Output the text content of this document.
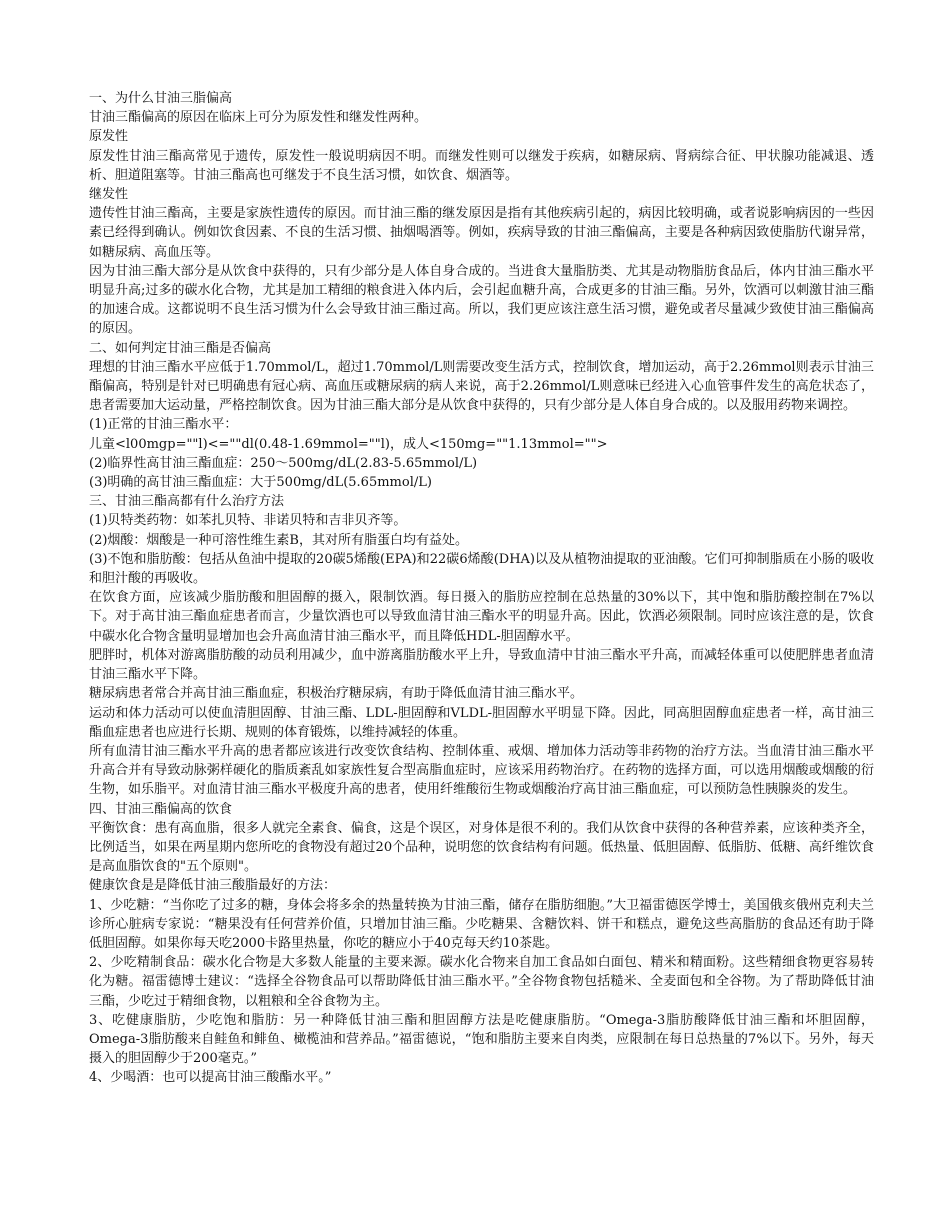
一、为什么甘油三脂偏高

甘油三酯偏高的原因在临床上可分为原发性和继发性两种。

原发性

原发性甘油三酯高常见于遗传，原发性一般说明病因不明。而继发性则可以继发于疾病，如糖尿病、肾病综合征、甲状腺功能减退、透析、胆道阻塞等。甘油三酯高也可继发于不良生活习惯，如饮食、烟酒等。

继发性

遗传性甘油三酯高，主要是家族性遗传的原因。而甘油三酯的继发原因是指有其他疾病引起的，病因比较明确，或者说影响病因的一些因素已经得到确认。例如饮食因素、不良的生活习惯、抽烟喝酒等。例如，疾病导致的甘油三酯偏高，主要是各种病因致使脂肪代谢异常，如糖尿病、高血压等。

因为甘油三酯大部分是从饮食中获得的，只有少部分是人体自身合成的。当进食大量脂肪类、尤其是动物脂肪食品后，体内甘油三酯水平明显升高;过多的碳水化合物，尤其是加工精细的粮食进入体内后，会引起血糖升高，合成更多的甘油三酯。另外，饮酒可以刺激甘油三酯的加速合成。这都说明不良生活习惯为什么会导致甘油三酯过高。所以，我们更应该注意生活习惯，避免或者尽量减少致使甘油三酯偏高的原因。

二、如何判定甘油三酯是否偏高

理想的甘油三酯水平应低于1.70mmol/L，超过1.70mmol/L则需要改变生活方式，控制饮食，增加运动，高于2.26mmol则表示甘油三酯偏高，特别是针对已明确患有冠心病、高血压或糖尿病的病人来说，高于2.26mmol/L则意味已经进入心血管事件发生的高危状态了，患者需要加大运动量，严格控制饮食。因为甘油三酯大部分是从饮食中获得的，只有少部分是人体自身合成的。以及服用药物来调控。

(1)正常的甘油三酯水平：

儿童<l00mgp=""l)<=""dl(0.48-1.69mmol=""l)，成人<150mg=""1.13mmol="">

(2)临界性高甘油三酯血症：250～500mg/dL(2.83-5.65mmol/L)

(3)明确的高甘油三酯血症：大于500mg/dL(5.65mmol/L)

三、甘油三酯高都有什么治疗方法

(1)贝特类药物：如苯扎贝特、非诺贝特和吉非贝齐等。

(2)烟酸：烟酸是一种可溶性维生素B，其对所有脂蛋白均有益处。

(3)不饱和脂肪酸：包括从鱼油中提取的20碳5烯酸(EPA)和22碳6烯酸(DHA)以及从植物油提取的亚油酸。它们可抑制脂质在小肠的吸收和胆汁酸的再吸收。

在饮食方面，应该减少脂肪酸和胆固醇的摄入，限制饮酒。每日摄入的脂肪应控制在总热量的30%以下，其中饱和脂肪酸控制在7%以下。对于高甘油三酯血症患者而言，少量饮酒也可以导致血清甘油三酯水平的明显升高。因此，饮酒必须限制。同时应该注意的是，饮食中碳水化合物含量明显增加也会升高血清甘油三酯水平，而且降低HDL-胆固醇水平。

肥胖时，机体对游离脂肪酸的动员利用减少，血中游离脂肪酸水平上升，导致血清中甘油三酯水平升高，而减轻体重可以使肥胖患者血清甘油三酯水平下降。

糖尿病患者常合并高甘油三酯血症，积极治疗糖尿病，有助于降低血清甘油三酯水平。

运动和体力活动可以使血清胆固醇、甘油三酯、LDL-胆固醇和VLDL-胆固醇水平明显下降。因此，同高胆固醇血症患者一样，高甘油三酯血症患者也应进行长期、规则的体育锻炼，以维持减轻的体重。

所有血清甘油三酯水平升高的患者都应该进行改变饮食结构、控制体重、戒烟、增加体力活动等非药物的治疗方法。当血清甘油三酯水平升高合并有导致动脉粥样硬化的脂质紊乱如家族性复合型高脂血症时，应该采用药物治疗。在药物的选择方面，可以选用烟酸或烟酸的衍生物，如乐脂平。对血清甘油三酯水平极度升高的患者，使用纤维酸衍生物或烟酸治疗高甘油三酯血症，可以预防急性胰腺炎的发生。

四、甘油三酯偏高的饮食

平衡饮食：患有高血脂，很多人就完全素食、偏食，这是个误区，对身体是很不利的。我们从饮食中获得的各种营养素，应该种类齐全，比例适当，如果在两星期内您所吃的食物没有超过20个品种，说明您的饮食结构有问题。低热量、低胆固醇、低脂肪、低糖、高纤维饮食是高血脂饮食的"五个原则"。

健康饮食是是降低甘油三酸脂最好的方法：

1、少吃糖：“当你吃了过多的糖，身体会将多余的热量转换为甘油三酯，储存在脂肪细胞。”大卫福雷德医学博士，美国俄亥俄州克利夫兰诊所心脏病专家说：“糖果没有任何营养价值，只增加甘油三酯。少吃糖果、含糖饮料、饼干和糕点，避免这些高脂肪的食品还有助于降低胆固醇。如果你每天吃2000卡路里热量，你吃的糖应小于40克每天约10茶匙。

2、少吃精制食品：碳水化合物是大多数人能量的主要来源。碳水化合物来自加工食品如白面包、精米和精面粉。这些精细食物更容易转化为糖。福雷德博士建议：“选择全谷物食品可以帮助降低甘油三酯水平。”全谷物食物包括糙米、全麦面包和全谷物。为了帮助降低甘油三酯，少吃过于精细食物，以粗粮和全谷食物为主。

3、吃健康脂肪，少吃饱和脂肪：另一种降低甘油三酯和胆固醇方法是吃健康脂肪。“Omega-3脂肪酸降低甘油三酯和坏胆固醇，Omega-3脂肪酸来自鲑鱼和鲱鱼、橄榄油和营养品。”福雷德说，“饱和脂肪主要来自肉类，应限制在每日总热量的7%以下。另外，每天摄入的胆固醇少于200毫克。”

4、少喝酒：也可以提高甘油三酸酯水平。”
